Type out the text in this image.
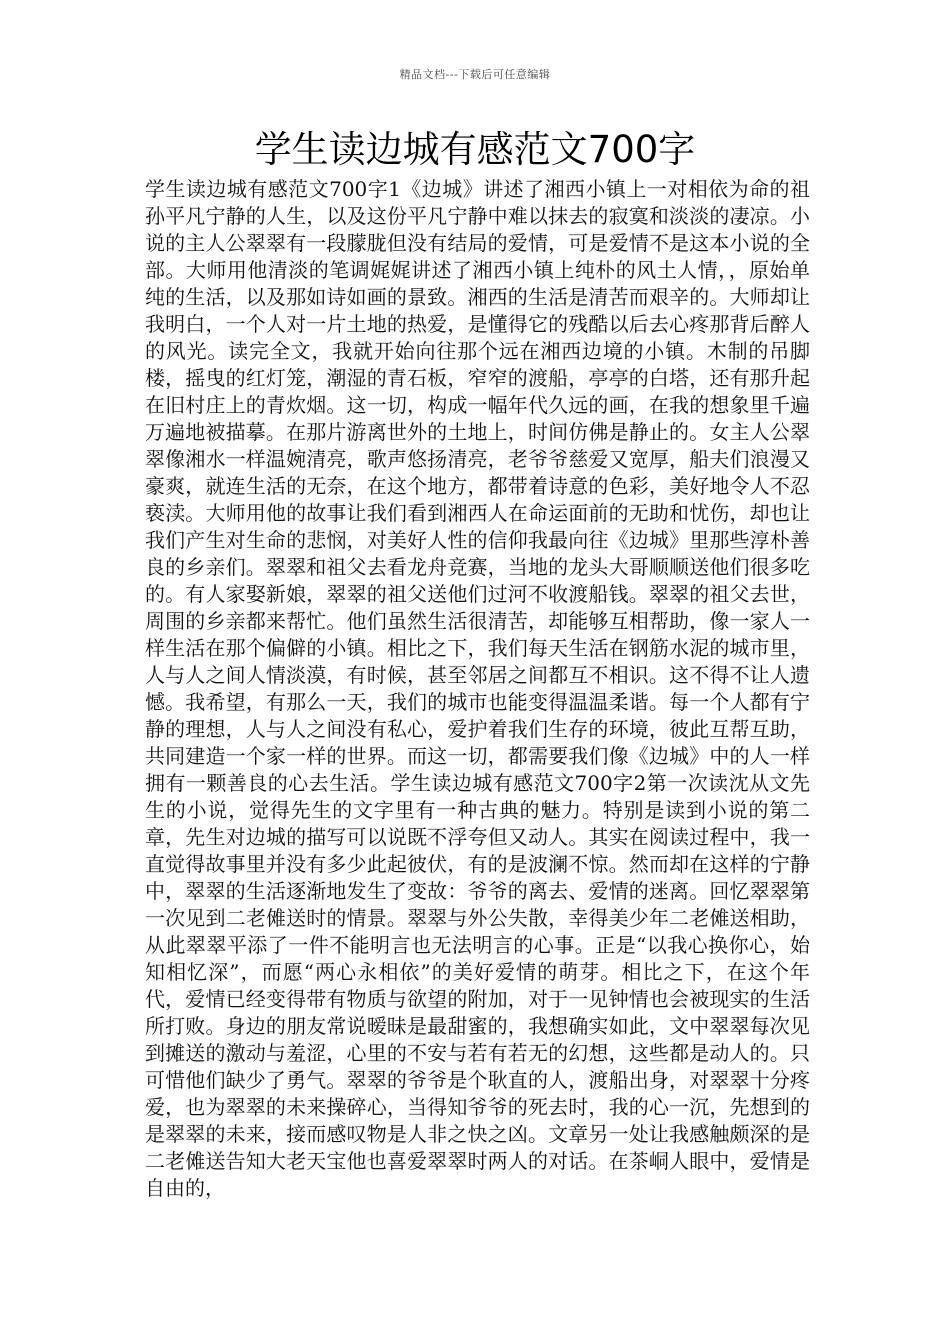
精品文档---下载后可任意编辑
学生读边城有感范文700字

学生读边城有感范文700字1《边城》讲述了湘西小镇上一对相依为命的祖孙平凡宁静的人生，以及这份平凡宁静中难以抹去的寂寞和淡淡的凄凉。小说的主人公翠翠有一段朦胧但没有结局的爱情，可是爱情不是这本小说的全部。大师用他清淡的笔调娓娓讲述了湘西小镇上纯朴的风土人情，，原始单纯的生活，以及那如诗如画的景致。湘西的生活是清苦而艰辛的。大师却让我明白，一个人对一片土地的热爱，是懂得它的残酷以后去心疼那背后醉人的风光。读完全文，我就开始向往那个远在湘西边境的小镇。木制的吊脚楼，摇曳的红灯笼，潮湿的青石板，窄窄的渡船，亭亭的白塔，还有那升起在旧村庄上的青炊烟。这一切，构成一幅年代久远的画，在我的想象里千遍万遍地被描摹。在那片游离世外的土地上，时间仿佛是静止的。女主人公翠翠像湘水一样温婉清亮，歌声悠扬清亮，老爷爷慈爱又宽厚，船夫们浪漫又豪爽，就连生活的无奈，在这个地方，都带着诗意的色彩，美好地令人不忍亵渎。大师用他的故事让我们看到湘西人在命运面前的无助和忧伤，却也让我们产生对生命的悲悯，对美好人性的信仰我最向往《边城》里那些淳朴善良的乡亲们。翠翠和祖父去看龙舟竞赛，当地的龙头大哥顺顺送他们很多吃的。有人家娶新娘，翠翠的祖父送他们过河不收渡船钱。翠翠的祖父去世，周围的乡亲都来帮忙。他们虽然生活很清苦，却能够互相帮助，像一家人一样生活在那个偏僻的小镇。相比之下，我们每天生活在钢筋水泥的城市里，人与人之间人情淡漠，有时候，甚至邻居之间都互不相识。这不得不让人遗憾。我希望，有那么一天，我们的城市也能变得温温柔谐。每一个人都有宁静的理想，人与人之间没有私心，爱护着我们生存的环境，彼此互帮互助，共同建造一个家一样的世界。而这一切，都需要我们像《边城》中的人一样拥有一颗善良的心去生活。学生读边城有感范文700字2第一次读沈从文先生的小说，觉得先生的文字里有一种古典的魅力。特别是读到小说的第二章，先生对边城的描写可以说既不浮夸但又动人。其实在阅读过程中，我一直觉得故事里并没有多少此起彼伏，有的是波澜不惊。然而却在这样的宁静中，翠翠的生活逐渐地发生了变故：爷爷的离去、爱情的迷离。回忆翠翠第一次见到二老傩送时的情景。翠翠与外公失散，幸得美少年二老傩送相助，从此翠翠平添了一件不能明言也无法明言的心事。正是“以我心换你心，始知相忆深”，而愿“两心永相依”的美好爱情的萌芽。相比之下，在这个年代，爱情已经变得带有物质与欲望的附加，对于一见钟情也会被现实的生活所打败。身边的朋友常说暧昧是最甜蜜的，我想确实如此，文中翠翠每次见到摊送的激动与羞涩，心里的不安与若有若无的幻想，这些都是动人的。只可惜他们缺少了勇气。翠翠的爷爷是个耿直的人，渡船出身，对翠翠十分疼爱，也为翠翠的未来操碎心，当得知爷爷的死去时，我的心一沉，先想到的是翠翠的未来，接而感叹物是人非之快之凶。文章另一处让我感触颇深的是二老傩送告知大老天宝他也喜爱翠翠时两人的对话。在茶峒人眼中，爱情是自由的，
